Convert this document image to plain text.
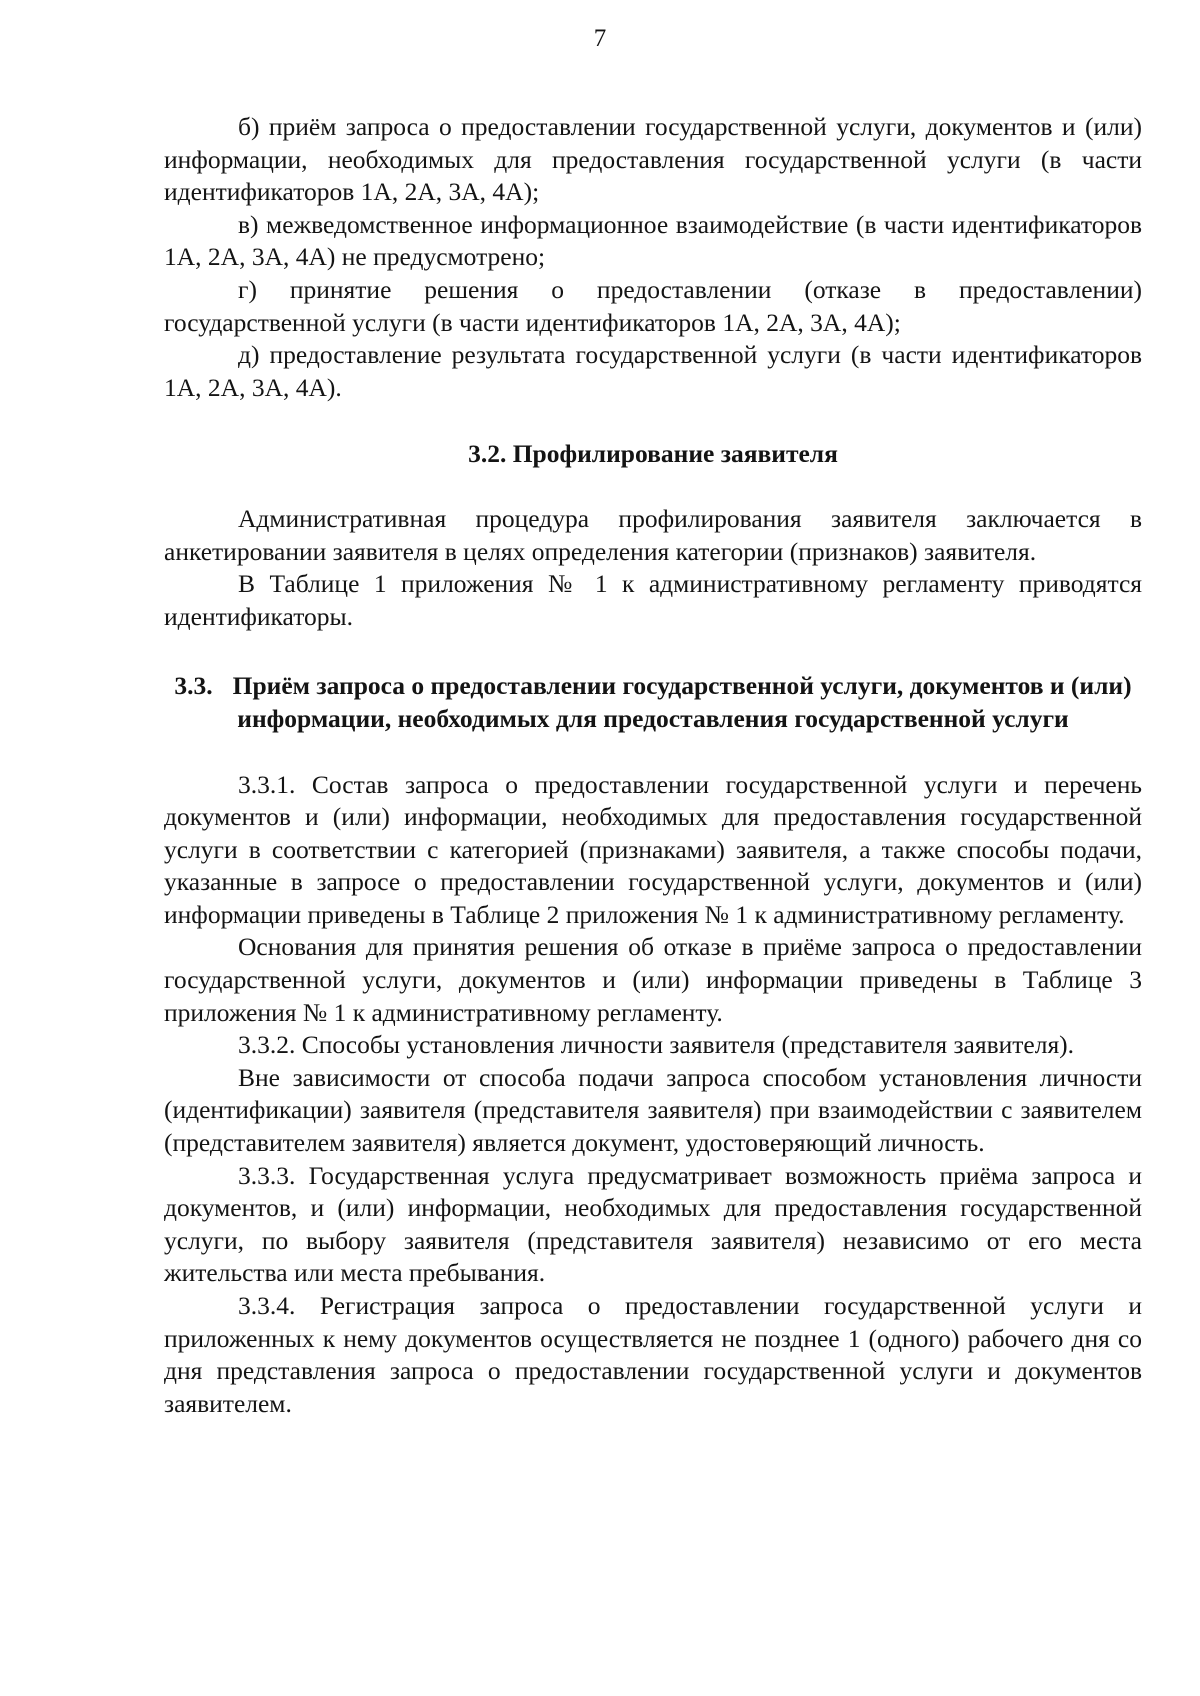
7

б) приём запроса о предоставлении государственной услуги, документов и (или) информации, необходимых для предоставления государственной услуги (в части идентификаторов 1А, 2А, 3А, 4А);

в) межведомственное информационное взаимодействие (в части идентификаторов 1А, 2А, 3А, 4А) не предусмотрено;

г) принятие решения о предоставлении (отказе в предоставлении) государственной услуги (в части идентификаторов 1А, 2А, 3А, 4А);

д) предоставление результата государственной услуги (в части идентификаторов 1А, 2А, 3А, 4А).

3.2. Профилирование заявителя

Административная процедура профилирования заявителя заключается в анкетировании заявителя в целях определения категории (признаков) заявителя.

В Таблице 1 приложения № 1 к административному регламенту приводятся идентификаторы.

3.3. Приём запроса о предоставлении государственной услуги, документов и (или) информации, необходимых для предоставления государственной услуги

3.3.1. Состав запроса о предоставлении государственной услуги и перечень документов и (или) информации, необходимых для предоставления государственной услуги в соответствии с категорией (признаками) заявителя, а также способы подачи, указанные в запросе о предоставлении государственной услуги, документов и (или) информации приведены в Таблице 2 приложения № 1 к административному регламенту.

Основания для принятия решения об отказе в приёме запроса о предоставлении государственной услуги, документов и (или) информации приведены в Таблице 3 приложения № 1 к административному регламенту.

3.3.2. Способы установления личности заявителя (представителя заявителя).

Вне зависимости от способа подачи запроса способом установления личности (идентификации) заявителя (представителя заявителя) при взаимодействии с заявителем (представителем заявителя) является документ, удостоверяющий личность.

3.3.3. Государственная услуга предусматривает возможность приёма запроса и документов, и (или) информации, необходимых для предоставления государственной услуги, по выбору заявителя (представителя заявителя) независимо от его места жительства или места пребывания.

3.3.4. Регистрация запроса о предоставлении государственной услуги и приложенных к нему документов осуществляется не позднее 1 (одного) рабочего дня со дня представления запроса о предоставлении государственной услуги и документов заявителем.
